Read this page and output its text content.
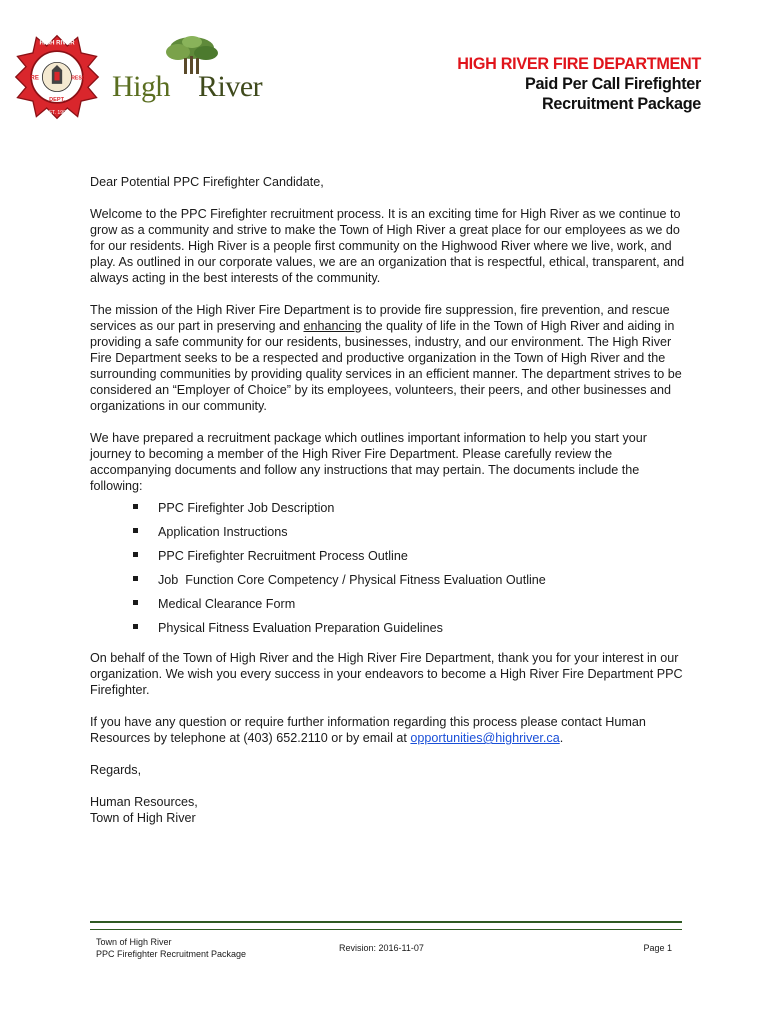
HIGH RIVER
FIRE	RESCUE
DEPT.
EST. 1906
High River
HIGH RIVER FIRE DEPARTMENT
Paid Per Call Firefighter
Recruitment Package

Dear Potential PPC Firefighter Candidate,

Welcome to the PPC Firefighter recruitment process. It is an exciting time for High River as we continue to grow as a community and strive to make the Town of High River a great place for our employees as we do for our residents. High River is a people first community on the Highwood River where we live, work, and play. As outlined in our corporate values, we are an organization that is respectful, ethical, transparent, and always acting in the best interests of the community.

The mission of the High River Fire Department is to provide fire suppression, fire prevention, and rescue services as our part in preserving and enhancing the quality of life in the Town of High River and aiding in providing a safe community for our residents, businesses, industry, and our environment. The High River Fire Department seeks to be a respected and productive organization in the Town of High River and the surrounding communities by providing quality services in an efficient manner. The department strives to be considered an “Employer of Choice” by its employees, volunteers, their peers, and other businesses and organizations in our community.

We have prepared a recruitment package which outlines important information to help you start your journey to becoming a member of the High River Fire Department. Please carefully review the accompanying documents and follow any instructions that may pertain. The documents include the following:

PPC Firefighter Job Description
Application Instructions
PPC Firefighter Recruitment Process Outline
Job  Function Core Competency / Physical Fitness Evaluation Outline
Medical Clearance Form
Physical Fitness Evaluation Preparation Guidelines

On behalf of the Town of High River and the High River Fire Department, thank you for your interest in our organization. We wish you every success in your endeavors to become a High River Fire Department PPC Firefighter.

If you have any question or require further information regarding this process please contact Human Resources by telephone at (403) 652.2110 or by email at opportunities@highriver.ca.

Regards,

Human Resources,
Town of High River

Town of High River
PPC Firefighter Recruitment Package
Revision: 2016-11-07	Page 1
